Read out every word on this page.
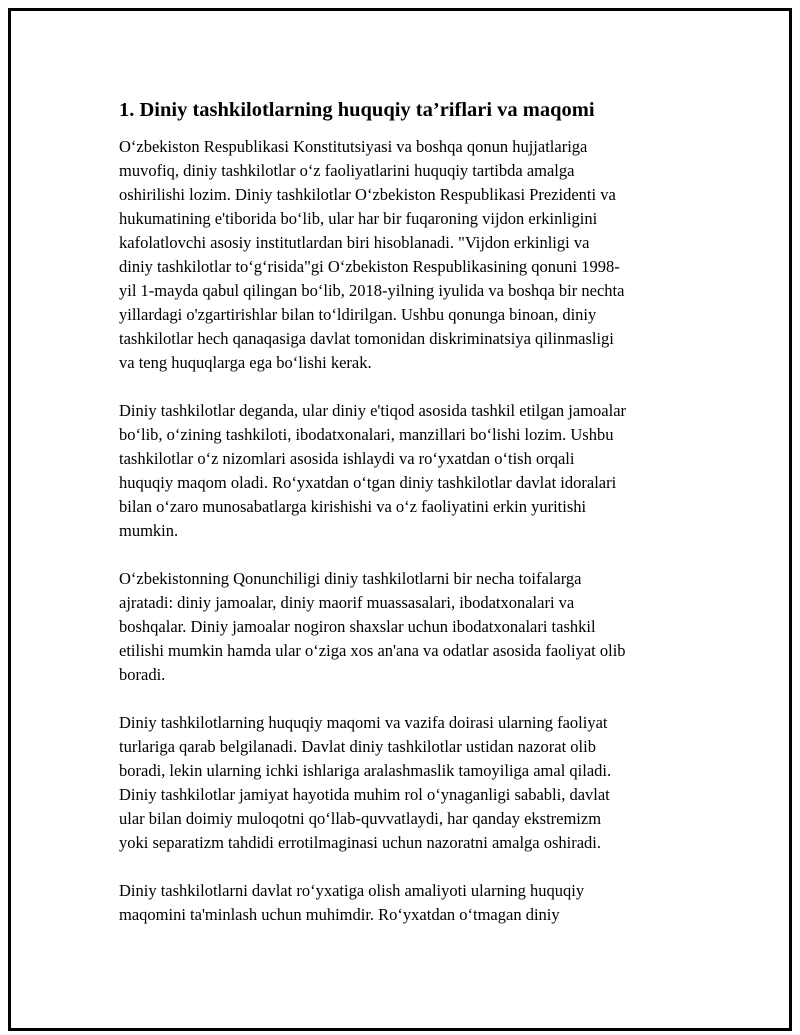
1. Diniy tashkilotlarning huquqiy ta’riflari va maqomi

O‘zbekiston Respublikasi Konstitutsiyasi va boshqa qonun hujjatlariga
muvofiq, diniy tashkilotlar o‘z faoliyatlarini huquqiy tartibda amalga
oshirilishi lozim. Diniy tashkilotlar O‘zbekiston Respublikasi Prezidenti va
hukumatining e'tiborida bo‘lib, ular har bir fuqaroning vijdon erkinligini
kafolatlovchi asosiy institutlardan biri hisoblanadi. "Vijdon erkinligi va
diniy tashkilotlar to‘g‘risida"gi O‘zbekiston Respublikasining qonuni 1998-
yil 1-mayda qabul qilingan bo‘lib, 2018-yilning iyulida va boshqa bir nechta
yillardagi o'zgartirishlar bilan to‘ldirilgan. Ushbu qonunga binoan, diniy
tashkilotlar hech qanaqasiga davlat tomonidan diskriminatsiya qilinmasligi
va teng huquqlarga ega bo‘lishi kerak.

Diniy tashkilotlar deganda, ular diniy e'tiqod asosida tashkil etilgan jamoalar
bo‘lib, o‘zining tashkiloti, ibodatxonalari, manzillari bo‘lishi lozim. Ushbu
tashkilotlar o‘z nizomlari asosida ishlaydi va ro‘yxatdan o‘tish orqali
huquqiy maqom oladi. Ro‘yxatdan o‘tgan diniy tashkilotlar davlat idoralari
bilan o‘zaro munosabatlarga kirishishi va o‘z faoliyatini erkin yuritishi
mumkin.

O‘zbekistonning Qonunchiligi diniy tashkilotlarni bir necha toifalarga
ajratadi: diniy jamoalar, diniy maorif muassasalari, ibodatxonalari va
boshqalar. Diniy jamoalar nogiron shaxslar uchun ibodatxonalari tashkil
etilishi mumkin hamda ular o‘ziga xos an'ana va odatlar asosida faoliyat olib
boradi.

Diniy tashkilotlarning huquqiy maqomi va vazifa doirasi ularning faoliyat
turlariga qarab belgilanadi. Davlat diniy tashkilotlar ustidan nazorat olib
boradi, lekin ularning ichki ishlariga aralashmaslik tamoyiliga amal qiladi.
Diniy tashkilotlar jamiyat hayotida muhim rol o‘ynaganligi sababli, davlat
ular bilan doimiy muloqotni qo‘llab-quvvatlaydi, har qanday ekstremizm
yoki separatizm tahdidi errotilmaginasi uchun nazoratni amalga oshiradi.

Diniy tashkilotlarni davlat ro‘yxatiga olish amaliyoti ularning huquqiy
maqomini ta'minlash uchun muhimdir. Ro‘yxatdan o‘tmagan diniy
